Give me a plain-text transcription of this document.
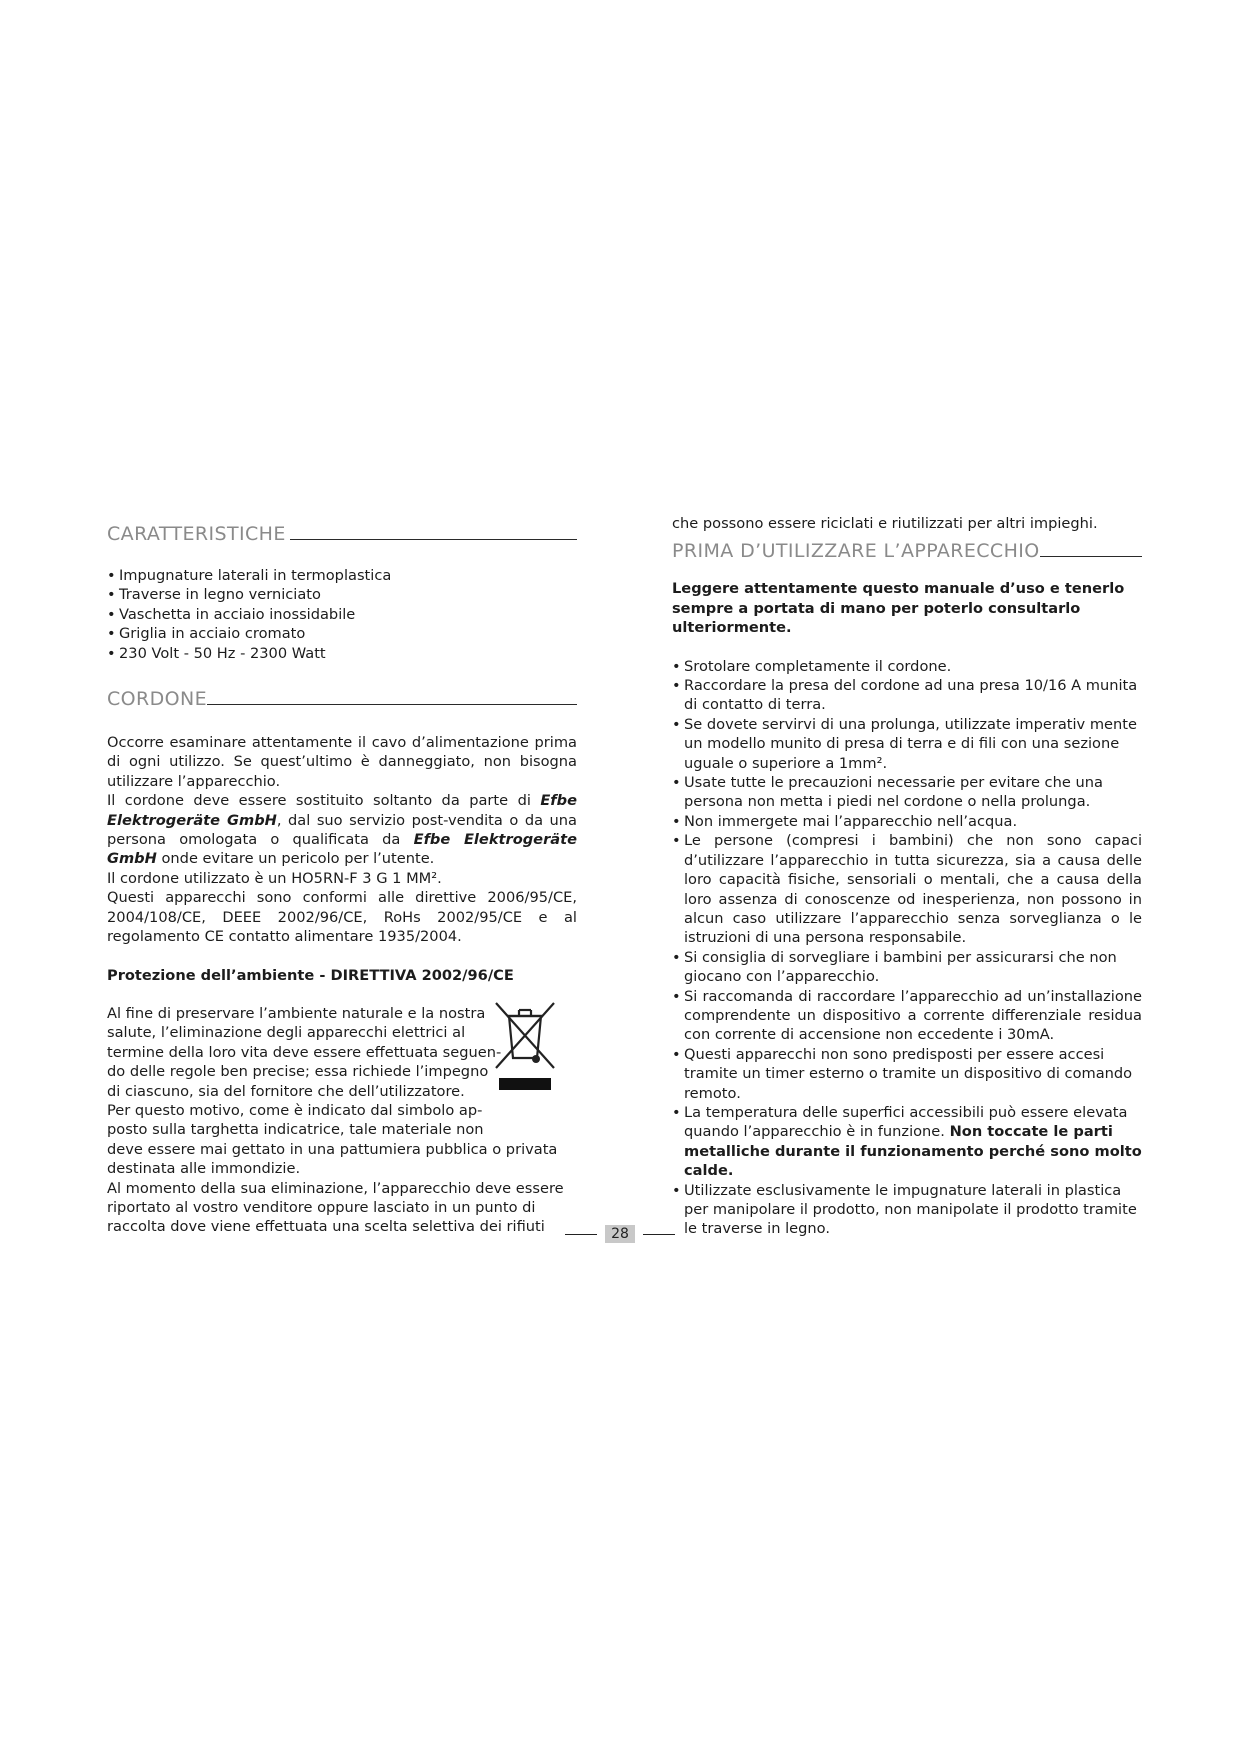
CARATTERISTICHE
• Impugnature laterali in termoplastica
• Traverse in legno verniciato
• Vaschetta in acciaio inossidabile
• Griglia in acciaio cromato
• 230 Volt - 50 Hz - 2300 Watt
CORDONE

Occorre esaminare attentamente il cavo d’alimentazione prima di ogni utilizzo. Se quest’ultimo è danneggiato, non bisogna utilizzare l’apparecchio.

Il cordone deve essere sostituito soltanto da parte di Efbe Elektrogeräte GmbH, dal suo servizio post-vendita o da una persona omologata o qualificata da Efbe Elektrogeräte GmbH onde evitare un pericolo per l’utente.

Il cordone utilizzato è un HO5RN-F 3 G 1 MM².

Questi apparecchi sono conformi alle direttive 2006/95/CE, 2004/108/CE, DEEE 2002/96/CE, RoHs 2002/95/CE e al regolamento CE contatto alimentare 1935/2004.

Protezione dell’ambiente - DIRETTIVA 2002/96/CE

Al fine di preservare l’ambiente naturale e la nostra
salute, l’eliminazione degli apparecchi elettrici al
termine della loro vita deve essere effettuata seguen-
do delle regole ben precise; essa richiede l’impegno
di ciascuno, sia del fornitore che dell’utilizzatore.
Per questo motivo, come è indicato dal simbolo ap-
posto sulla targhetta indicatrice, tale materiale non

deve essere mai gettato in una pattumiera pubblica o privata destinata alle immondizie.

Al momento della sua eliminazione, l’apparecchio deve essere riportato al vostro venditore oppure lasciato in un punto di raccolta dove viene effettuata una scelta selettiva dei rifiuti

che possono essere riciclati e riutilizzati per altri impieghi.

PRIMA D’UTILIZZARE L’APPARECCHIO

Leggere attentamente questo manuale d’uso e tenerlo sempre a portata di mano per poterlo consultarlo ulteriormente.

• Srotolare completamente il cordone.
• Raccordare la presa del cordone ad una presa 10/16 A munita di contatto di terra.
• Se dovete servirvi di una prolunga, utilizzate imperativ mente un modello munito di presa di terra e di fili con una sezione uguale o superiore a 1mm².
• Usate tutte le precauzioni necessarie per evitare che una persona non metta i piedi nel cordone o nella prolunga.
• Non immergete mai l’apparecchio nell’acqua.
• Le persone (compresi i bambini) che non sono capaci d’utilizzare l’apparecchio in tutta sicurezza, sia a causa delle loro capacità fisiche, sensoriali o mentali, che a causa della loro assenza di conoscenze od inesperienza, non possono in alcun caso utilizzare l’apparecchio senza sorveglianza o le istruzioni di una persona responsabile.
• Si consiglia di sorvegliare i bambini per assicurarsi che non giocano con l’apparecchio.
• Si raccomanda di raccordare l’apparecchio ad un’installazione comprendente un dispositivo a corrente differenziale residua con corrente di accensione non eccedente i 30mA.
• Questi apparecchi non sono predisposti per essere accesi tramite un timer esterno o tramite un dispositivo di comando remoto.
• La temperatura delle superfici accessibili può essere elevata quando l’apparecchio è in funzione. Non toccate le parti metalliche durante il funzionamento perché sono molto calde.
• Utilizzate esclusivamente le impugnature laterali in plastica per manipolare il prodotto, non manipolate il prodotto tramite le traverse in legno.
28
